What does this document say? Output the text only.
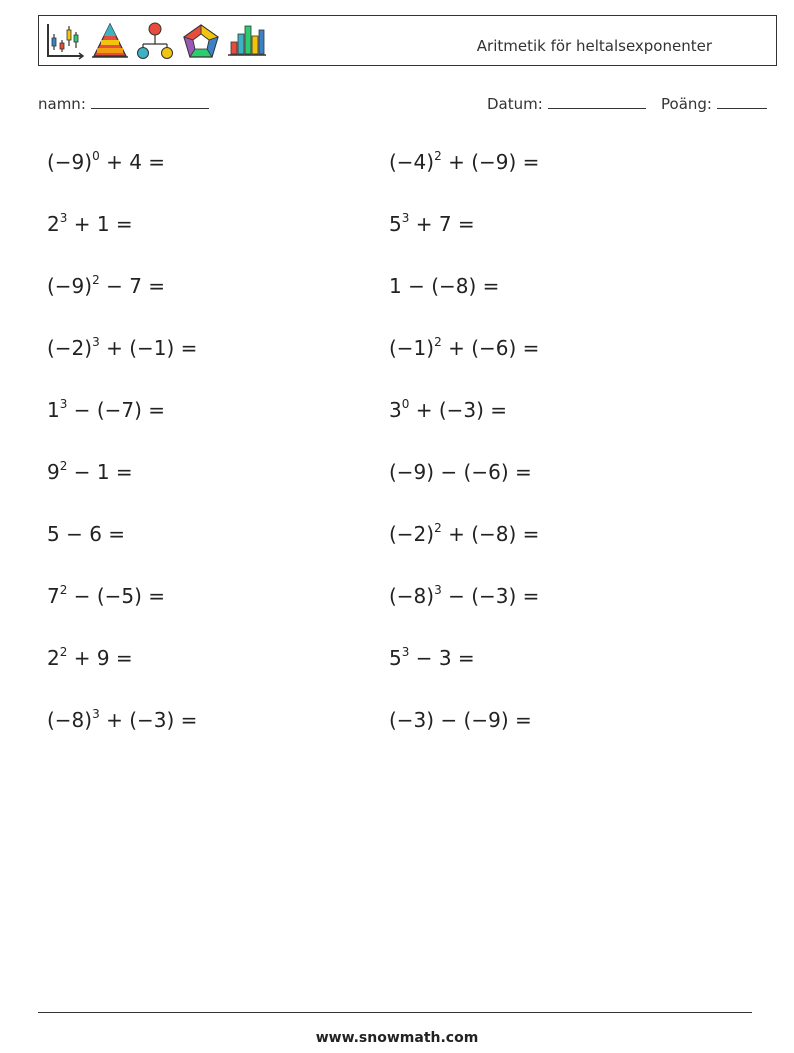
Aritmetik för heltalsexponenter
namn:	Datum:	Poäng:
$(-9)^0 + 4$ =
$2^3 + 1$ =
$(-9)^2 - 7$ =
$(-2)^3 + (-1)$ =
$1^3 - (-7)$ =
$9^2 - 1$ =
5 − 6 =
$7^2 - (-5)$ =
$2^2 + 9$ =
$(-8)^3 + (-3)$ =
$(-4)^2 + (-9)$ =
$5^3 + 7$ =
1 − (−8) =
$(-1)^2 + (-6)$ =
$3^0 + (-3)$ =
(−9) − (−6) =
$(-2)^2 + (-8)$ =
$(-8)^3 - (-3)$ =
$5^3 - 3$ =
(−3) − (−9) =
www.snowmath.com
